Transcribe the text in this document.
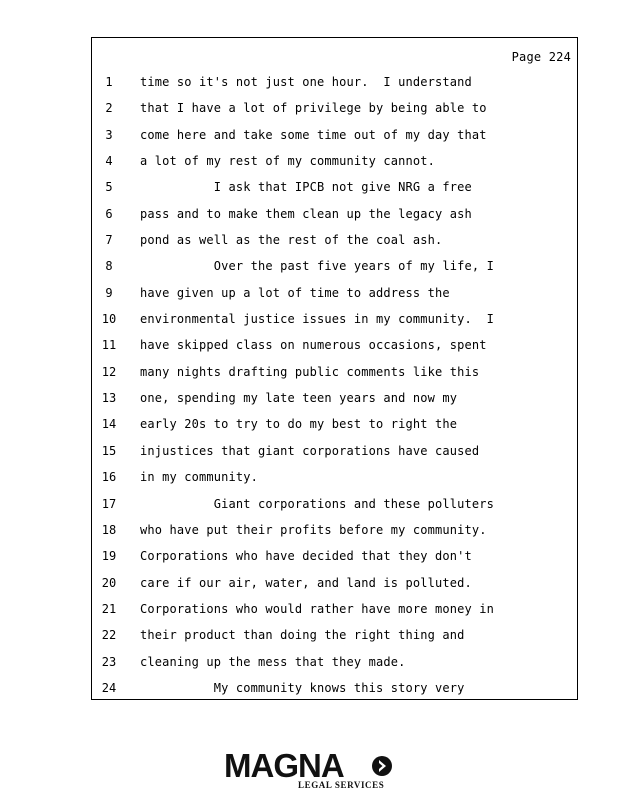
Page 224
1	time so it's not just one hour.  I understand
2	that I have a lot of privilege by being able to
3	come here and take some time out of my day that
4	a lot of my rest of my community cannot.
5	I ask that IPCB not give NRG a free
6	pass and to make them clean up the legacy ash
7	pond as well as the rest of the coal ash.
8	Over the past five years of my life, I
9	have given up a lot of time to address the
10 environmental justice issues in my community.  I
11 have skipped class on numerous occasions, spent
12 many nights drafting public comments like this
13 one, spending my late teen years and now my
14 early 20s to try to do my best to right the
15 injustices that giant corporations have caused
16 in my community.
17 Giant corporations and these polluters
18 who have put their profits before my community.
19 Corporations who have decided that they don't
20 care if our air, water, and land is polluted.
21 Corporations who would rather have more money in
22 their product than doing the right thing and
23 cleaning up the mess that they made.
24 My community knows this story very
MAGNA
LEGAL SERVICES
